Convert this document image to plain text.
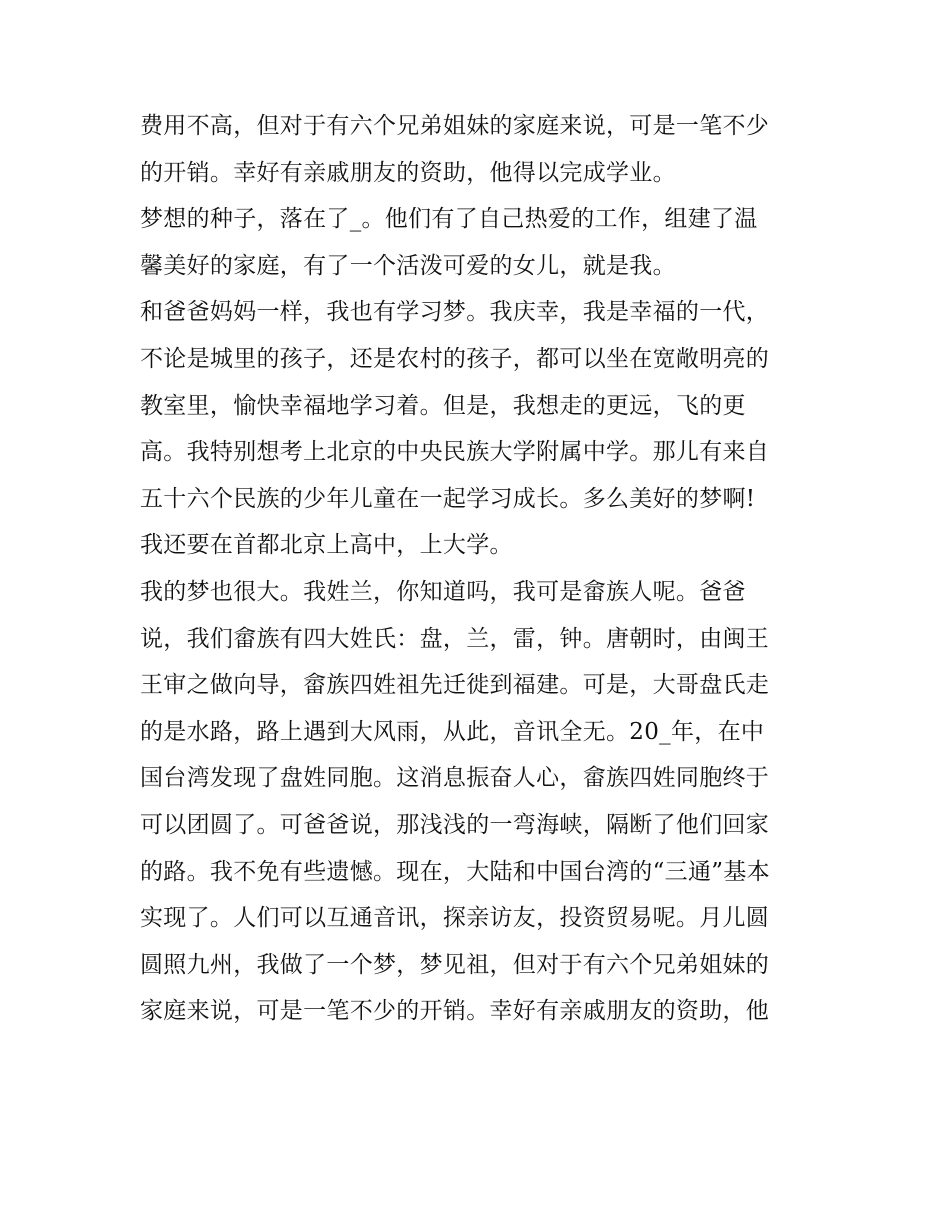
费用不高，但对于有六个兄弟姐妹的家庭来说，可是一笔不少
的开销。幸好有亲戚朋友的资助，他得以完成学业。
梦想的种子，落在了_。他们有了自己热爱的工作，组建了温
馨美好的家庭，有了一个活泼可爱的女儿，就是我。
和爸爸妈妈一样，我也有学习梦。我庆幸，我是幸福的一代，
不论是城里的孩子，还是农村的孩子，都可以坐在宽敞明亮的
教室里，愉快幸福地学习着。但是，我想走的更远，飞的更
高。我特别想考上北京的中央民族大学附属中学。那儿有来自
五十六个民族的少年儿童在一起学习成长。多么美好的梦啊!
我还要在首都北京上高中，上大学。
我的梦也很大。我姓兰，你知道吗，我可是畲族人呢。爸爸
说，我们畲族有四大姓氏：盘，兰，雷，钟。唐朝时，由闽王
王审之做向导，畲族四姓祖先迁徙到福建。可是，大哥盘氏走
的是水路，路上遇到大风雨，从此，音讯全无。20_年，在中
国台湾发现了盘姓同胞。这消息振奋人心，畲族四姓同胞终于
可以团圆了。可爸爸说，那浅浅的一弯海峡，隔断了他们回家
的路。我不免有些遗憾。现在，大陆和中国台湾的“三通”基本
实现了。人们可以互通音讯，探亲访友，投资贸易呢。月儿圆
圆照九州，我做了一个梦，梦见祖，但对于有六个兄弟姐妹的
家庭来说，可是一笔不少的开销。幸好有亲戚朋友的资助，他
